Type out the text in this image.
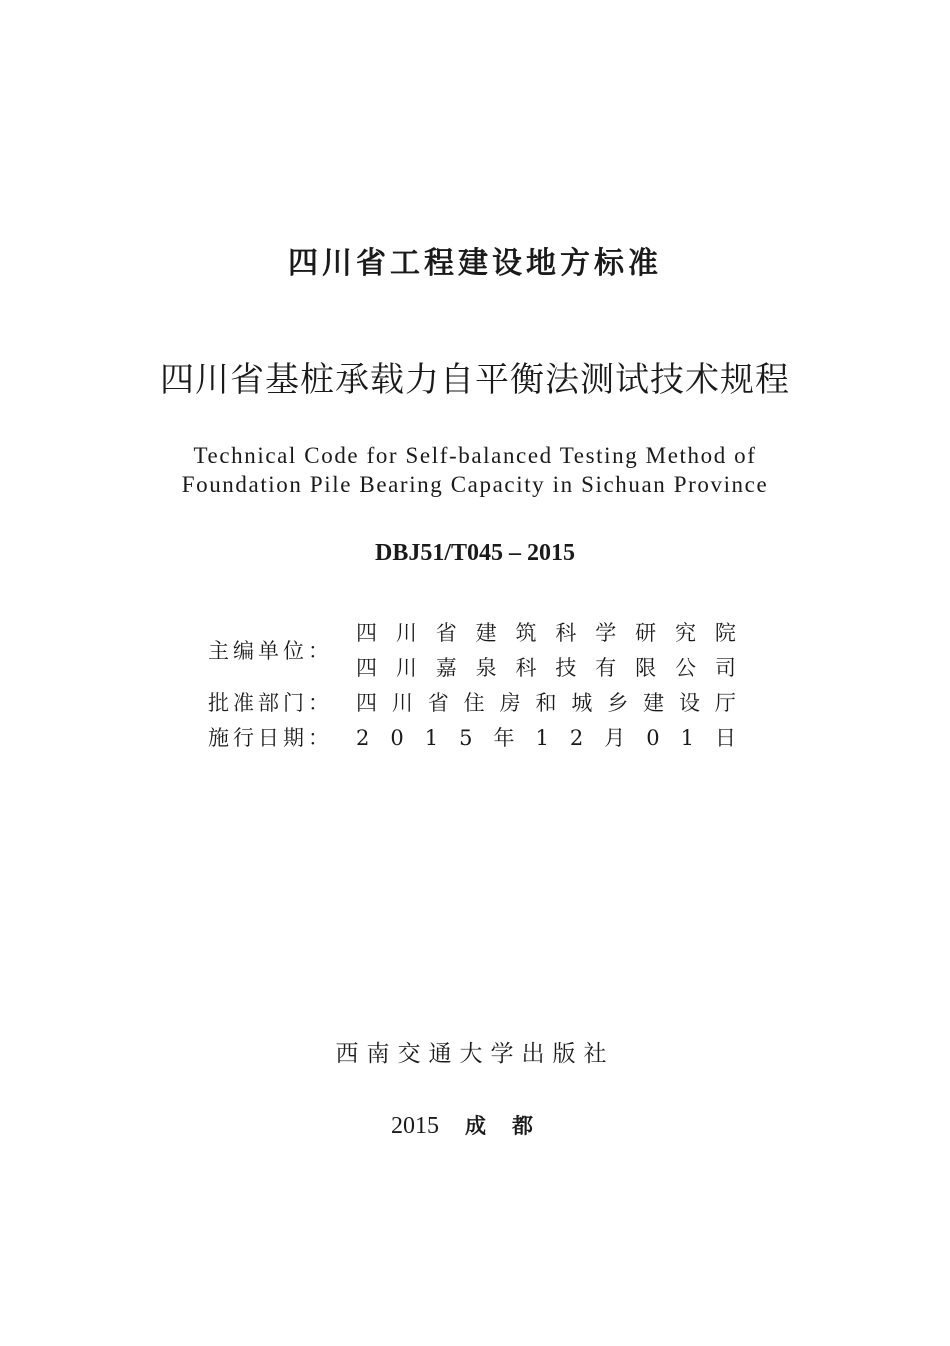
四川省工程建设地方标准
四川省基桩承载力自平衡法测试技术规程
Technical Code for Self-balanced Testing Method of
Foundation Pile Bearing Capacity in Sichuan Province
DBJ51/T045 – 2015
主编单位：
四 川 省 建 筑 科 学 研 究 院
四 川 嘉 泉 科 技 有 限 公 司
批准部门：	四 川 省 住 房 和 城 乡 建 设 厅
施行日期：	2 0 1 5 年 1 2 月 0 1 日
西南交通大学出版社
2015 成都
